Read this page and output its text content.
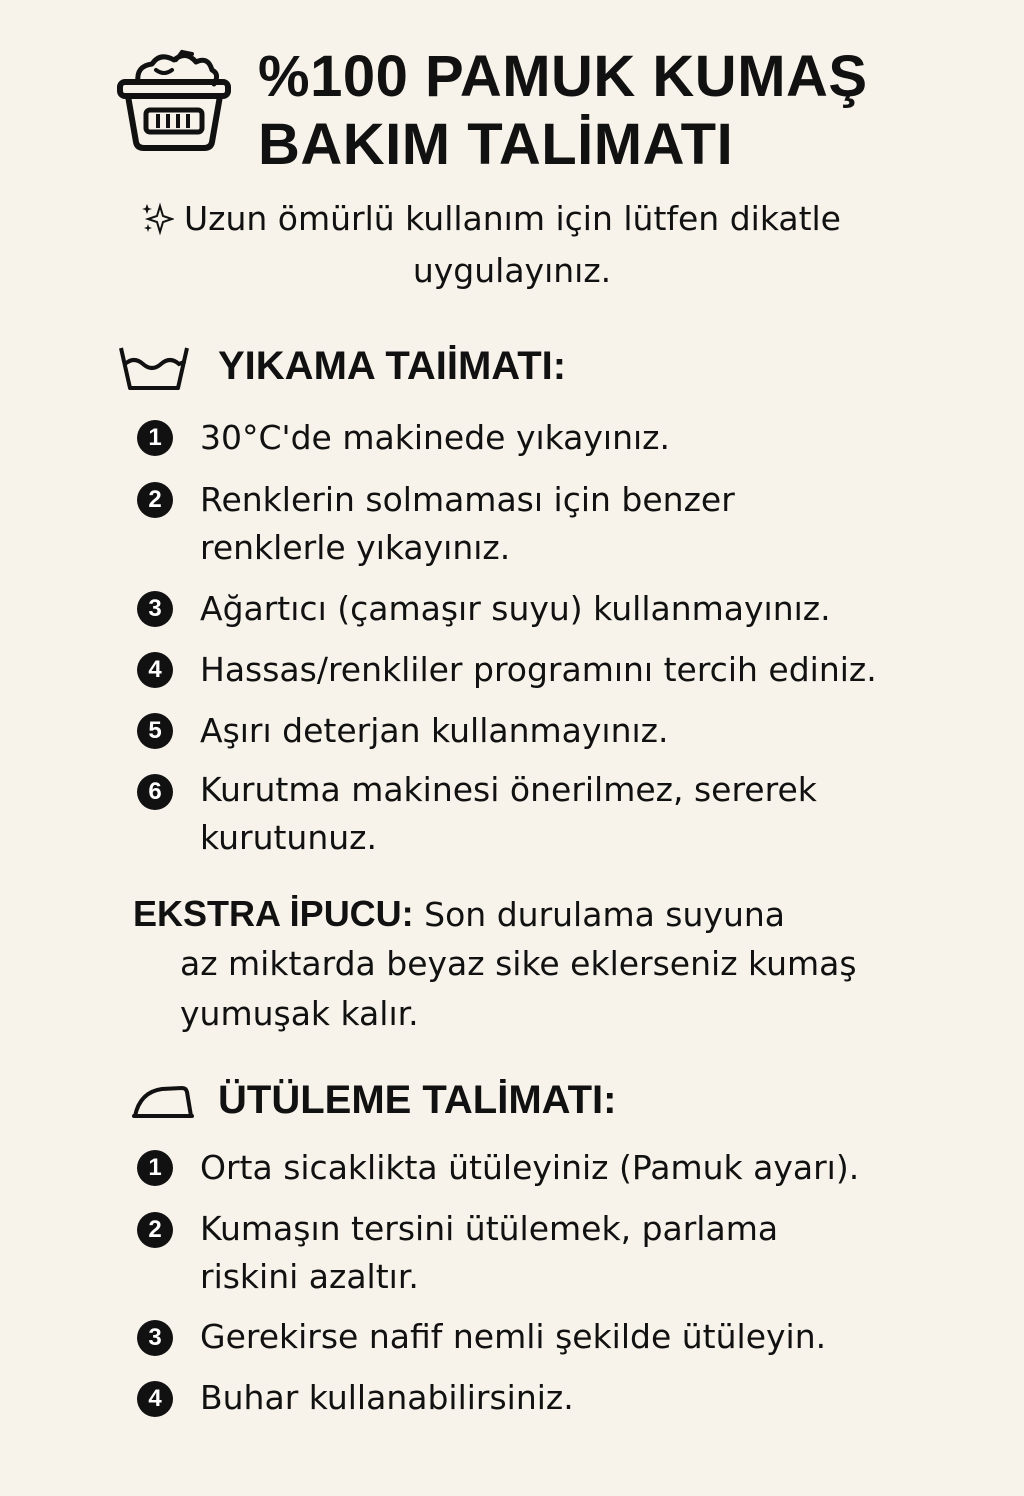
%100 PAMUK KUMAŞ
BAKIM TALİMATI
Uzun ömürlü kullanım için lütfen dikatle
uygulayınız.
YIKAMA TAIİMATI:
1	30°C'de makinede yıkayınız.
2	Renklerin solmaması için benzer
renklerle yıkayınız.
3	Ağartıcı (çamaşır suyu) kullanmayınız.
4	Hassas/renkliler programını tercih ediniz.
5	Aşırı deterjan kullanmayınız.
6	Kurutma makinesi önerilmez, sererek
kurutunuz.
EKSTRA İPUCU: Son durulama suyuna
az miktarda beyaz sike eklerseniz kumaş
yumuşak kalır.
ÜTÜLEME TALİMATI:
1	Orta sicaklikta ütüleyiniz (Pamuk ayarı).
2	Kumaşın tersini ütülemek, parlama
riskini azaltır.
3	Gerekirse nafif nemli şekilde ütüleyin.
4	Buhar kullanabilirsiniz.
